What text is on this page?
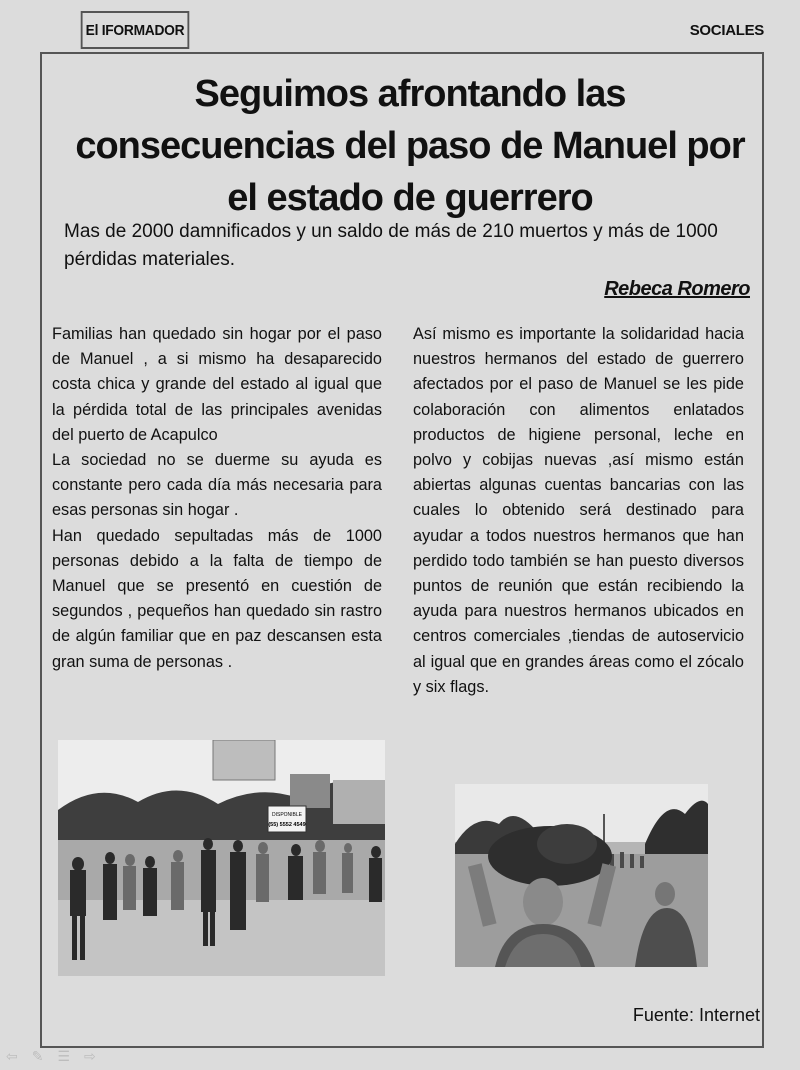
El IFORMADOR	SOCIALES
Seguimos afrontando las
consecuencias del paso de Manuel por
el estado de guerrero
Mas de 2000 damnificados y un saldo de más de 210 muertos y más de 1000 pérdidas materiales.
Rebeca Romero

Familias han quedado sin hogar por el paso de Manuel , a si mismo ha desaparecido costa chica y grande del estado al igual que la pérdida total de las principales avenidas del puerto de Acapulco

La sociedad no se duerme su ayuda es constante pero cada día más necesaria para esas personas sin hogar .

Han quedado sepultadas más de 1000 personas debido a la falta de tiempo de Manuel que se presentó en cuestión de segundos , pequeños han quedado sin rastro de algún familiar que en paz descansen esta gran suma de personas .

Así mismo es importante la solidaridad hacia nuestros hermanos del estado de guerrero afectados por el paso de Manuel se les pide colaboración con alimentos enlatados productos de higiene personal, leche en polvo y cobijas nuevas ,así mismo están abiertas algunas cuentas bancarias con las cuales lo obtenido será destinado para ayudar a todos nuestros hermanos que han perdido todo también se han puesto diversos puntos de reunión que están recibiendo la ayuda para nuestros hermanos ubicados en centros comerciales ,tiendas de autoservicio al igual que en grandes áreas como el zócalo y six flags.

DISPONIBLE
(55) 5552 4549
Fuente: Internet
⇦ ✎ ☰ ⇨
